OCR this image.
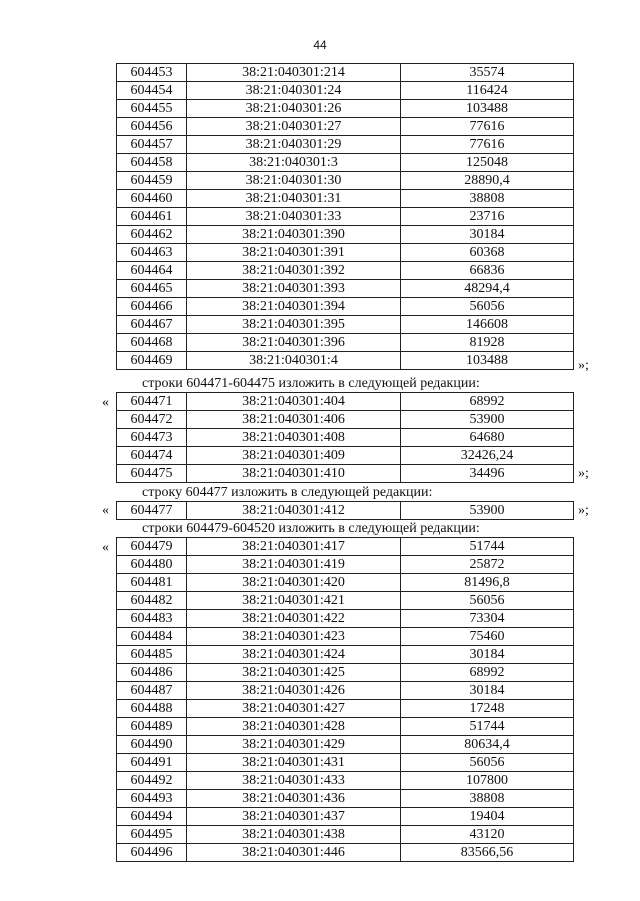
44
604453	38:21:040301:214	35574
604454	38:21:040301:24	116424
604455	38:21:040301:26	103488
604456	38:21:040301:27	77616
604457	38:21:040301:29	77616
604458	38:21:040301:3	125048
604459	38:21:040301:30	28890,4
604460	38:21:040301:31	38808
604461	38:21:040301:33	23716
604462	38:21:040301:390	30184
604463	38:21:040301:391	60368
604464	38:21:040301:392	66836
604465	38:21:040301:393	48294,4
604466	38:21:040301:394	56056
604467	38:21:040301:395	146608
604468	38:21:040301:396	81928
604469	38:21:040301:4	103488	»;
строки 604471-604475 изложить в следующей редакции:
« 604471	38:21:040301:404	68992
604472	38:21:040301:406	53900
604473	38:21:040301:408	64680
604474	38:21:040301:409	32426,24
604475	38:21:040301:410	34496	»;
строку 604477 изложить в следующей редакции:
« 604477	38:21:040301:412	53900	»;
строки 604479-604520 изложить в следующей редакции:
« 604479	38:21:040301:417	51744
604480	38:21:040301:419	25872
604481	38:21:040301:420	81496,8
604482	38:21:040301:421	56056
604483	38:21:040301:422	73304
604484	38:21:040301:423	75460
604485	38:21:040301:424	30184
604486	38:21:040301:425	68992
604487	38:21:040301:426	30184
604488	38:21:040301:427	17248
604489	38:21:040301:428	51744
604490	38:21:040301:429	80634,4
604491	38:21:040301:431	56056
604492	38:21:040301:433	107800
604493	38:21:040301:436	38808
604494	38:21:040301:437	19404
604495	38:21:040301:438	43120
604496	38:21:040301:446	83566,56
